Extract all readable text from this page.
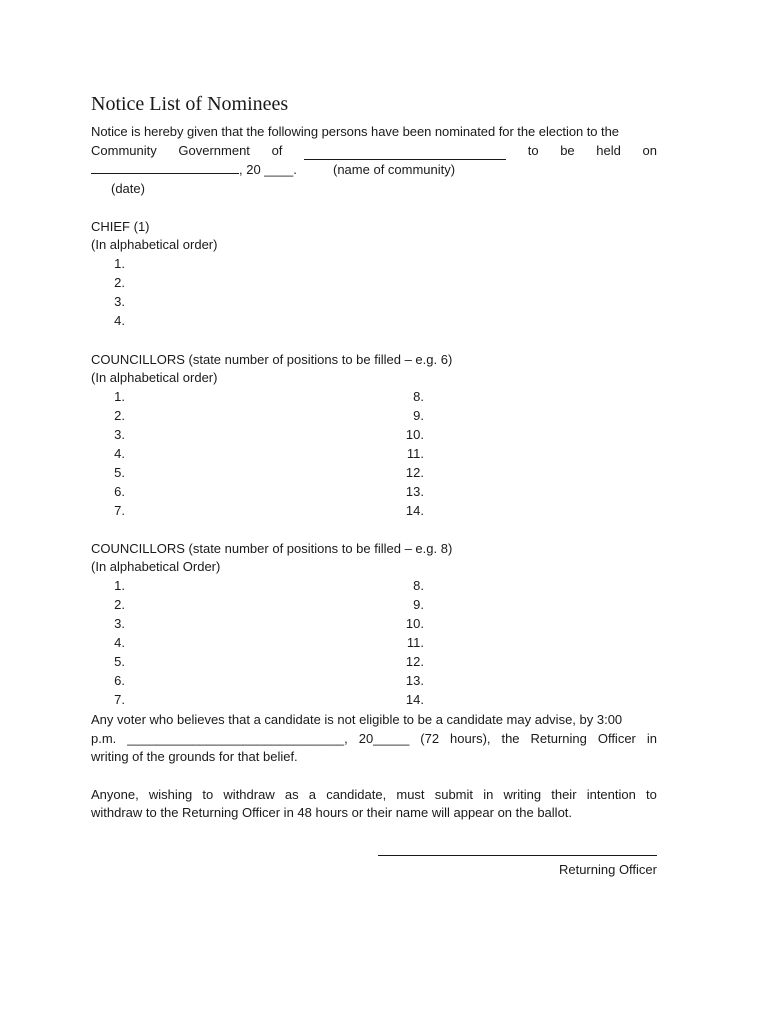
Notice List of Nominees
Notice is hereby given that the following persons have been nominated for the election to the
Community Government of	to be held on
, 20 ____.	(name of community)
(date)
CHIEF (1)
(In alphabetical order)
1.
2.
3.
4.
COUNCILLORS (state number of positions to be filled – e.g. 6)
(In alphabetical order)
1.
2.
3.
4.
5.
6.
7.
8.
9.
10.
11.
12.
13.
14.
COUNCILLORS (state number of positions to be filled – e.g. 8)
(In alphabetical Order)
1.
2.
3.
4.
5.
6.
7.
8.
9.
10.
11.
12.
13.
14.
Any voter who believes that a candidate is not eligible to be a candidate may advise, by 3:00
p.m. ______________________________, 20_____ (72 hours), the Returning Officer in
writing of the grounds for that belief.
Anyone, wishing to withdraw as a candidate, must submit in writing their intention to
withdraw to the Returning Officer in 48 hours or their name will appear on the ballot.
Returning Officer
